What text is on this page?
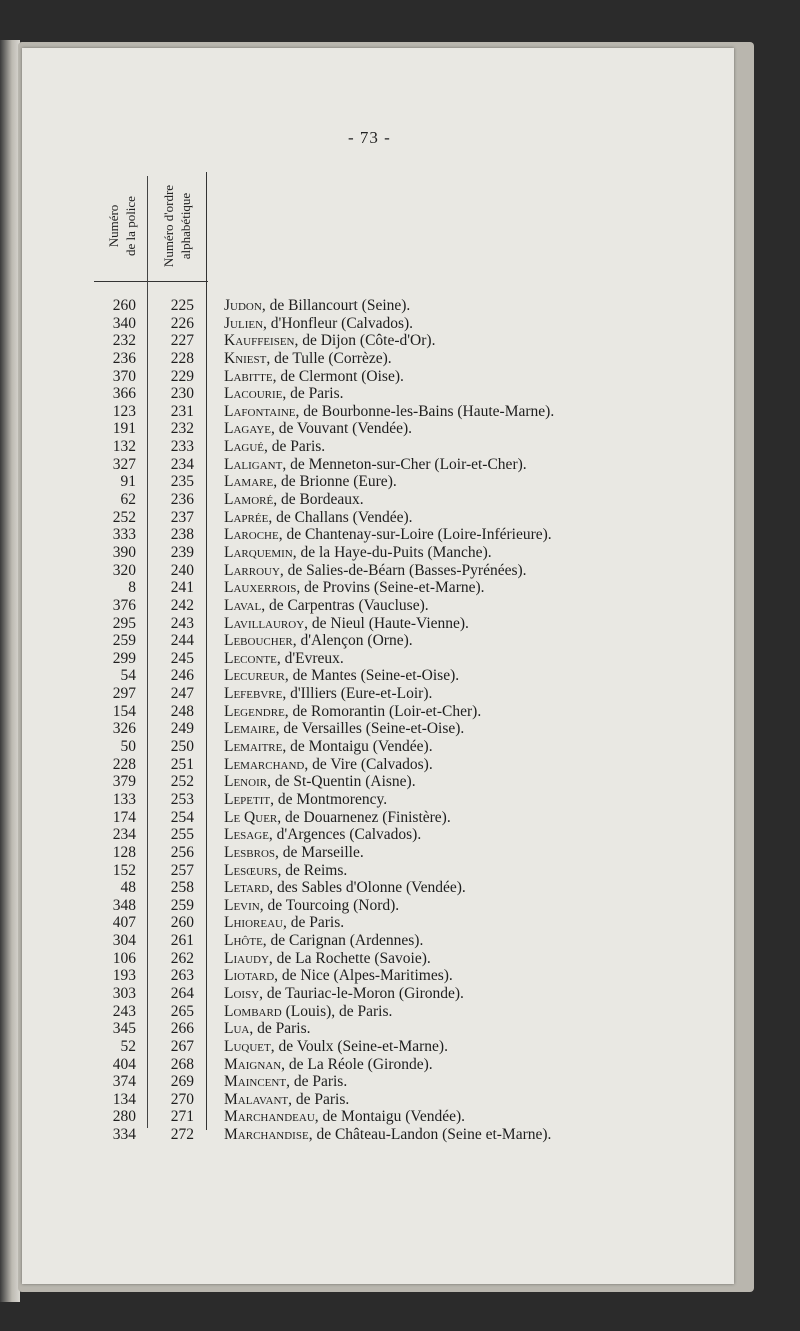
- 73 -
Numéro de la police Numéro d'ordre alphabétique
260	225 Judon, de Billancourt (Seine).
340	226 Julien, d'Honfleur (Calvados).
232	227 Kauffeisen, de Dijon (Côte-d'Or).
236	228 Kniest, de Tulle (Corrèze).
370	229 Labitte, de Clermont (Oise).
366	230 Lacourie, de Paris.
123	231 Lafontaine, de Bourbonne-les-Bains (Haute-Marne).
191	232 Lagaye, de Vouvant (Vendée).
132	233 Lagué, de Paris.
327	234 Laligant, de Menneton-sur-Cher (Loir-et-Cher).
91	235 Lamare, de Brionne (Eure).
62	236 Lamoré, de Bordeaux.
252	237 Laprée, de Challans (Vendée).
333	238 Laroche, de Chantenay-sur-Loire (Loire-Inférieure).
390	239 Larquemin, de la Haye-du-Puits (Manche).
320	240 Larrouy, de Salies-de-Béarn (Basses-Pyrénées).
8	241 Lauxerrois, de Provins (Seine-et-Marne).
376	242 Laval, de Carpentras (Vaucluse).
295	243 Lavillauroy, de Nieul (Haute-Vienne).
259	244 Leboucher, d'Alençon (Orne).
299	245 Leconte, d'Evreux.
54	246 Lecureur, de Mantes (Seine-et-Oise).
297	247 Lefebvre, d'Illiers (Eure-et-Loir).
154	248 Legendre, de Romorantin (Loir-et-Cher).
326	249 Lemaire, de Versailles (Seine-et-Oise).
50	250 Lemaitre, de Montaigu (Vendée).
228	251 Lemarchand, de Vire (Calvados).
379	252 Lenoir, de St-Quentin (Aisne).
133	253 Lepetit, de Montmorency.
174	254 Le Quer, de Douarnenez (Finistère).
234	255 Lesage, d'Argences (Calvados).
128	256 Lesbros, de Marseille.
152	257 Lesœurs, de Reims.
48	258 Letard, des Sables d'Olonne (Vendée).
348	259 Levin, de Tourcoing (Nord).
407	260 Lhioreau, de Paris.
304	261 Lhôte, de Carignan (Ardennes).
106	262 Liaudy, de La Rochette (Savoie).
193	263 Liotard, de Nice (Alpes-Maritimes).
303	264 Loisy, de Tauriac-le-Moron (Gironde).
243	265 Lombard (Louis), de Paris.
345	266 Lua, de Paris.
52	267 Luquet, de Voulx (Seine-et-Marne).
404	268 Maignan, de La Réole (Gironde).
374	269 Maincent, de Paris.
134	270 Malavant, de Paris.
280	271 Marchandeau, de Montaigu (Vendée).
334	272 Marchandise, de Château-Landon (Seine et-Marne).
